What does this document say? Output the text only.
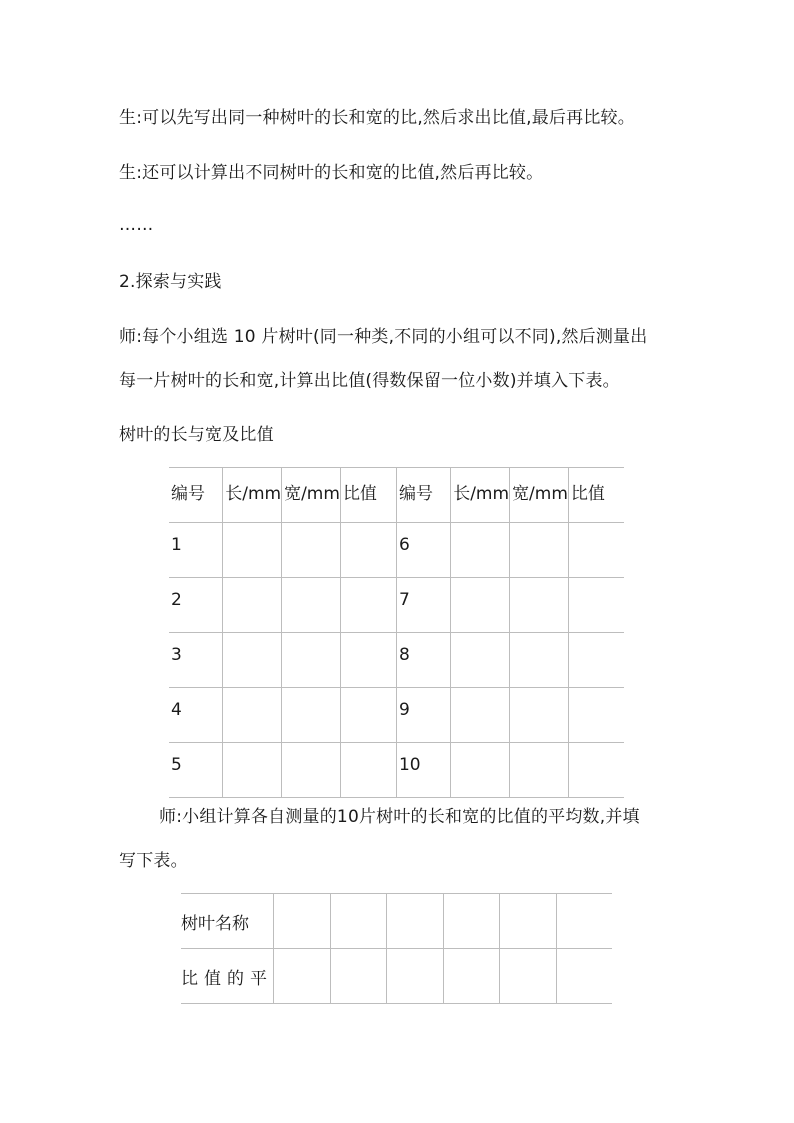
生:可以先写出同一种树叶的长和宽的比,然后求出比值,最后再比较。
生:还可以计算出不同树叶的长和宽的比值,然后再比较。
……
2.探索与实践
师:每个小组选 10 片树叶(同一种类,不同的小组可以不同),然后测量出
每一片树叶的长和宽,计算出比值(得数保留一位小数)并填入下表。
树叶的长与宽及比值
编号	长/mm	宽/mm	比值	编号	长/mm	宽/mm	比值
1				6			
2				7			
3				8			
4				9			
5				10			
师:小组计算各自测量的10片树叶的长和宽的比值的平均数,并填
写下表。
树叶名称						
比值的平						
